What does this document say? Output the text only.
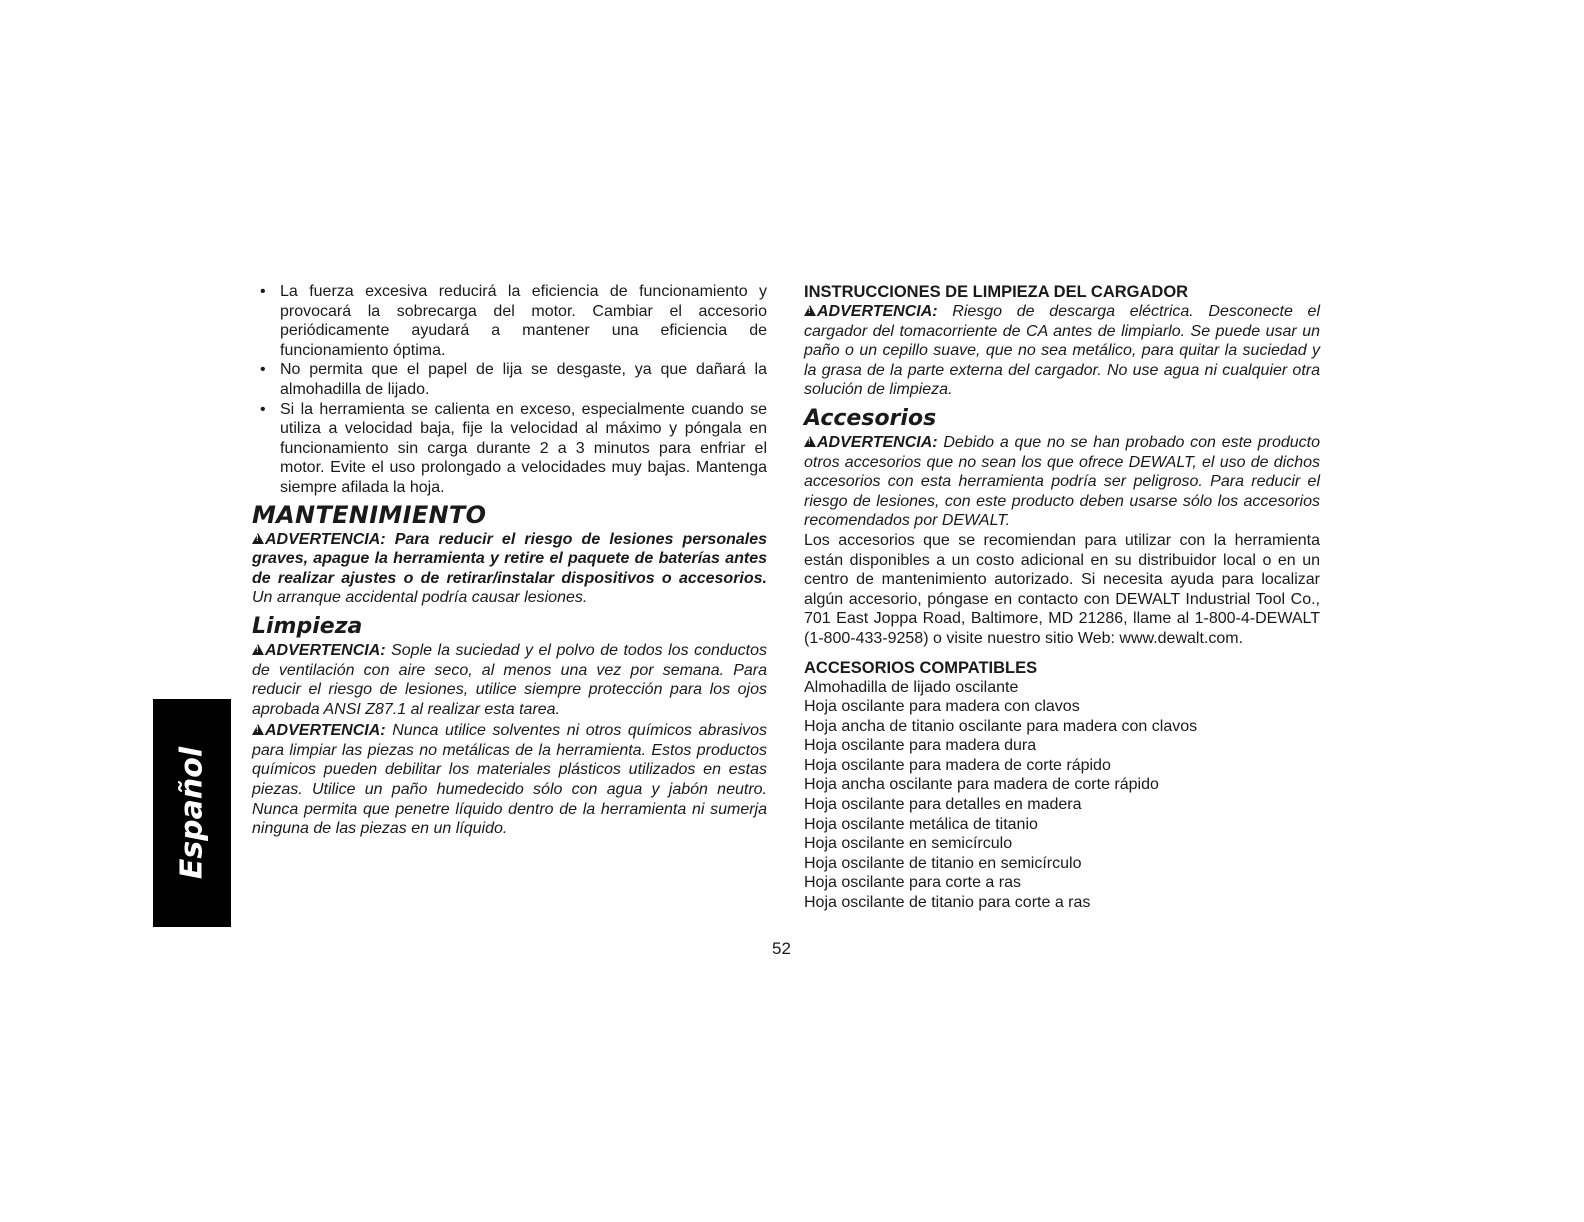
Español
• La fuerza excesiva reducirá la eficiencia de funcionamiento y provocará la sobrecarga del motor. Cambiar el accesorio periódicamente ayudará a mantener una eficiencia de funcionamiento óptima.
• No permita que el papel de lija se desgaste, ya que dañará la almohadilla de lijado.
• Si la herramienta se calienta en exceso, especialmente cuando se utiliza a velocidad baja, fije la velocidad al máximo y póngala en funcionamiento sin carga durante 2 a 3 minutos para enfriar el motor. Evite el uso prolongado a velocidades muy bajas. Mantenga siempre afilada la hoja.
MANTENIMIENTO

!ADVERTENCIA: Para reducir el riesgo de lesiones personales graves, apague la herramienta y retire el paquete de baterías antes de realizar ajustes o de retirar/instalar dispositivos o accesorios. Un arranque accidental podría causar lesiones.

Limpieza

!ADVERTENCIA: Sople la suciedad y el polvo de todos los conductos de ventilación con aire seco, al menos una vez por semana. Para reducir el riesgo de lesiones, utilice siempre protección para los ojos aprobada ANSI Z87.1 al realizar esta tarea.

!ADVERTENCIA: Nunca utilice solventes ni otros químicos abrasivos para limpiar las piezas no metálicas de la herramienta. Estos productos químicos pueden debilitar los materiales plásticos utilizados en estas piezas. Utilice un paño humedecido sólo con agua y jabón neutro. Nunca permita que penetre líquido dentro de la herramienta ni sumerja ninguna de las piezas en un líquido.

INSTRUCCIONES DE LIMPIEZA DEL CARGADOR

!ADVERTENCIA: Riesgo de descarga eléctrica. Desconecte el cargador del tomacorriente de CA antes de limpiarlo. Se puede usar un paño o un cepillo suave, que no sea metálico, para quitar la suciedad y la grasa de la parte externa del cargador. No use agua ni cualquier otra solución de limpieza.

Accesorios

!ADVERTENCIA: Debido a que no se han probado con este producto otros accesorios que no sean los que ofrece DEWALT, el uso de dichos accesorios con esta herramienta podría ser peligroso. Para reducir el riesgo de lesiones, con este producto deben usarse sólo los accesorios recomendados por DEWALT.

Los accesorios que se recomiendan para utilizar con la herramienta están disponibles a un costo adicional en su distribuidor local o en un centro de mantenimiento autorizado. Si necesita ayuda para localizar algún accesorio, póngase en contacto con DEWALT Industrial Tool Co., 701 East Joppa Road, Baltimore, MD 21286, llame al 1-800-4-DEWALT (1-800-433-9258) o visite nuestro sitio Web: www.dewalt.com.

ACCESORIOS COMPATIBLES
Almohadilla de lijado oscilante
Hoja oscilante para madera con clavos
Hoja ancha de titanio oscilante para madera con clavos
Hoja oscilante para madera dura
Hoja oscilante para madera de corte rápido
Hoja ancha oscilante para madera de corte rápido
Hoja oscilante para detalles en madera
Hoja oscilante metálica de titanio
Hoja oscilante en semicírculo
Hoja oscilante de titanio en semicírculo
Hoja oscilante para corte a ras
Hoja oscilante de titanio para corte a ras
52
